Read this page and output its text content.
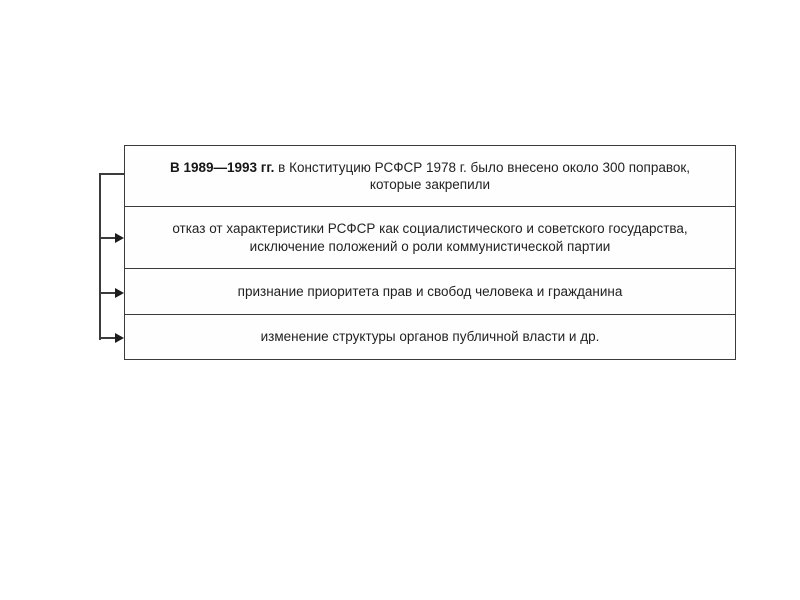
В 1989—1993 гг. в Конституцию РСФСР 1978 г. было внесено около 300 поправок, которые закрепили
отказ от характеристики РСФСР как социалистического и советского государства, исключение положений о роли коммунистической партии
признание приоритета прав и свобод человека и гражданина
изменение структуры органов публичной власти и др.
